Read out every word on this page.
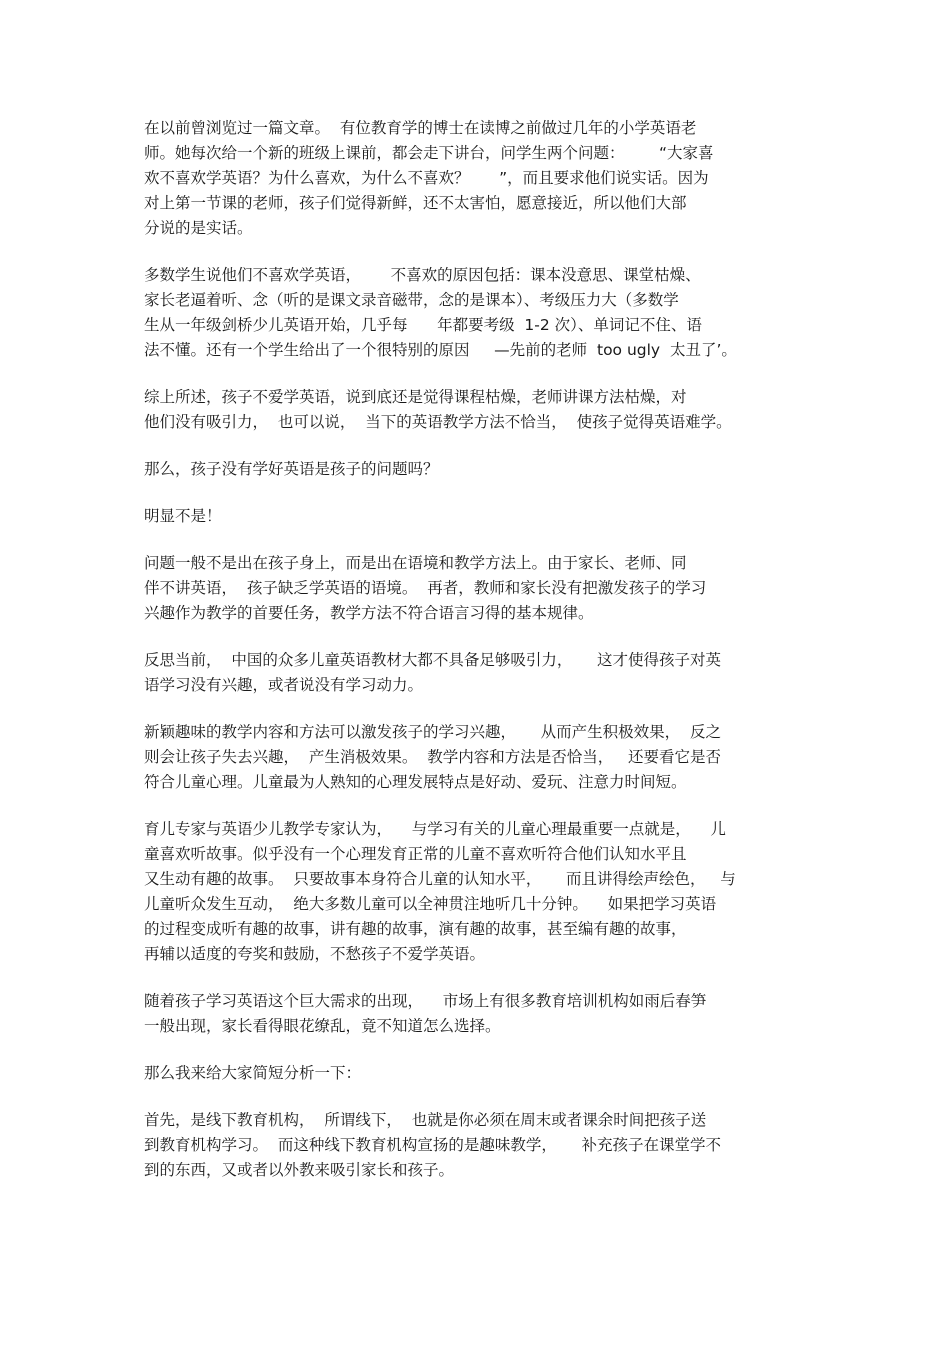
在以前曾浏览过一篇文章。  有位教育学的博士在读博之前做过几年的小学英语老
师。她每次给一个新的班级上课前，都会走下讲台，问学生两个问题：       “大家喜
欢不喜欢学英语？为什么喜欢，为什么不喜欢？      ”，而且要求他们说实话。因为
对上第一节课的老师，孩子们觉得新鲜，还不太害怕，愿意接近，所以他们大部
分说的是实话。

多数学生说他们不喜欢学英语，      不喜欢的原因包括：课本没意思、课堂枯燥、
家长老逼着听、念（听的是课文录音磁带，念的是课本）、考级压力大（多数学
生从一年级剑桥少儿英语开始，几乎每      年都要考级  1-2 次）、单词记不住、语
法不懂。还有一个学生给出了一个很特别的原因     —先前的老师  too ugly  太丑了’。

综上所述，孩子不爱学英语，说到底还是觉得课程枯燥，老师讲课方法枯燥，对
他们没有吸引力，  也可以说，  当下的英语教学方法不恰当，  使孩子觉得英语难学。

那么，孩子没有学好英语是孩子的问题吗？

明显不是！

问题一般不是出在孩子身上，而是出在语境和教学方法上。由于家长、老师、同
伴不讲英语，  孩子缺乏学英语的语境。  再者，教师和家长没有把激发孩子的学习
兴趣作为教学的首要任务，教学方法不符合语言习得的基本规律。

反思当前，  中国的众多儿童英语教材大都不具备足够吸引力，     这才使得孩子对英
语学习没有兴趣，或者说没有学习动力。

新颖趣味的教学内容和方法可以激发孩子的学习兴趣，     从而产生积极效果，  反之
则会让孩子失去兴趣，  产生消极效果。  教学内容和方法是否恰当，   还要看它是否
符合儿童心理。儿童最为人熟知的心理发展特点是好动、爱玩、注意力时间短。

育儿专家与英语少儿教学专家认为，    与学习有关的儿童心理最重要一点就是，    儿
童喜欢听故事。似乎没有一个心理发育正常的儿童不喜欢听符合他们认知水平且
又生动有趣的故事。  只要故事本身符合儿童的认知水平，     而且讲得绘声绘色，   与
儿童听众发生互动，  绝大多数儿童可以全神贯注地听几十分钟。    如果把学习英语
的过程变成听有趣的故事，讲有趣的故事，演有趣的故事，甚至编有趣的故事，
再辅以适度的夸奖和鼓励，不愁孩子不爱学英语。

随着孩子学习英语这个巨大需求的出现，    市场上有很多教育培训机构如雨后春笋
一般出现，家长看得眼花缭乱，竟不知道怎么选择。

那么我来给大家简短分析一下：

首先，是线下教育机构，  所谓线下，  也就是你必须在周末或者课余时间把孩子送
到教育机构学习。  而这种线下教育机构宣扬的是趣味教学，     补充孩子在课堂学不
到的东西，又或者以外教来吸引家长和孩子。
